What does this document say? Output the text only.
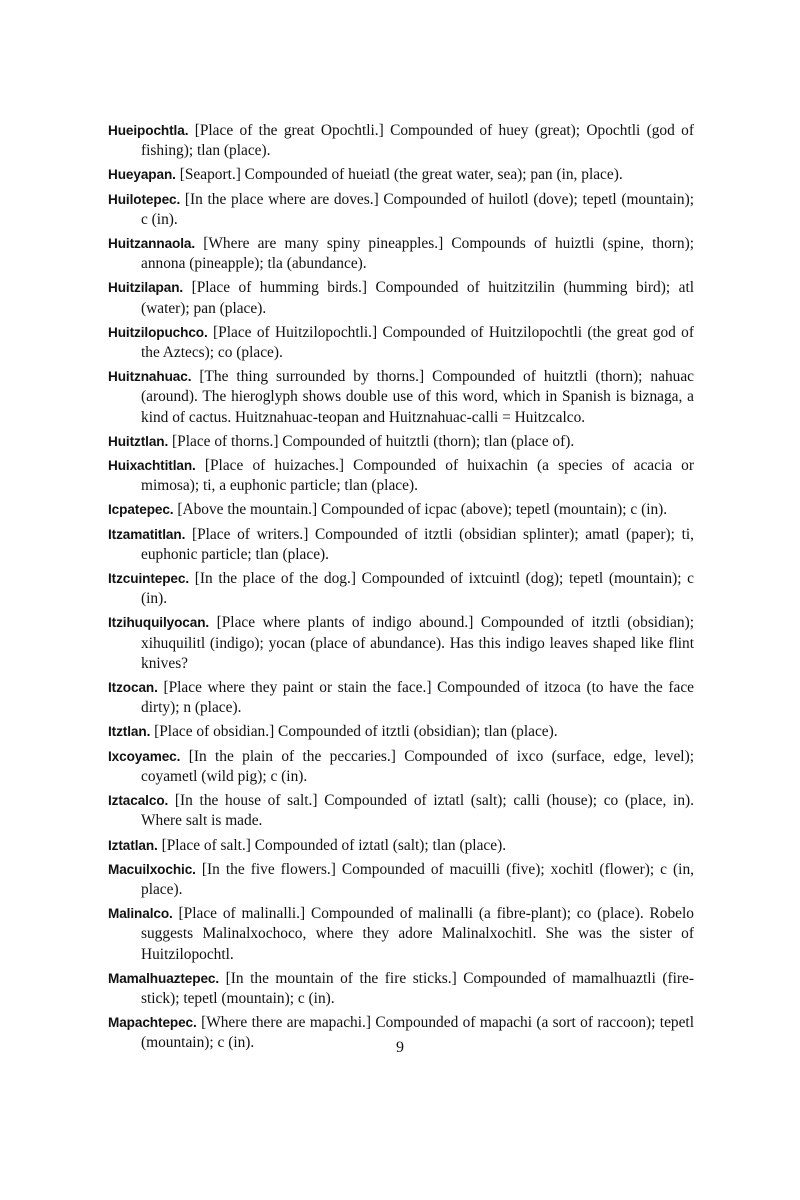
Hueipochtla. [Place of the great Opochtli.] Compounded of huey (great); Opochtli (god of fishing); tlan (place).

Hueyapan. [Seaport.] Compounded of hueiatl (the great water, sea); pan (in, place).

Huilotepec. [In the place where are doves.] Compounded of huilotl (dove); tepetl (mountain); c (in).

Huitzannaola. [Where are many spiny pineapples.] Compounds of huiztli (spine, thorn); annona (pineapple); tla (abundance).

Huitzilapan. [Place of humming birds.] Compounded of huitzitzilin (humming bird); atl (water); pan (place).

Huitzilopuchco. [Place of Huitzilopochtli.] Compounded of Huitzilopochtli (the great god of the Aztecs); co (place).

Huitznahuac. [The thing surrounded by thorns.] Compounded of huitztli (thorn); nahuac (around). The hieroglyph shows double use of this word, which in Spanish is biznaga, a kind of cactus. Huitznahuac-teopan and Huitznahuac-calli = Huitzcalco.

Huitztlan. [Place of thorns.] Compounded of huitztli (thorn); tlan (place of).

Huixachtitlan. [Place of huizaches.] Compounded of huixachin (a species of acacia or mimosa); ti, a euphonic particle; tlan (place).

Icpatepec. [Above the mountain.] Compounded of icpac (above); tepetl (mountain); c (in).

Itzamatitlan. [Place of writers.] Compounded of itztli (obsidian splinter); amatl (paper); ti, euphonic particle; tlan (place).

Itzcuintepec. [In the place of the dog.] Compounded of ixtcuintl (dog); tepetl (mountain); c (in).

Itzihuquilyocan. [Place where plants of indigo abound.] Compounded of itztli (obsidian); xihuquilitl (indigo); yocan (place of abundance). Has this indigo leaves shaped like flint knives?

Itzocan. [Place where they paint or stain the face.] Compounded of itzoca (to have the face dirty); n (place).

Itztlan. [Place of obsidian.] Compounded of itztli (obsidian); tlan (place).

Ixcoyamec. [In the plain of the peccaries.] Compounded of ixco (surface, edge, level); coyametl (wild pig); c (in).

Iztacalco. [In the house of salt.] Compounded of iztatl (salt); calli (house); co (place, in). Where salt is made.

Iztatlan. [Place of salt.] Compounded of iztatl (salt); tlan (place).

Macuilxochic. [In the five flowers.] Compounded of macuilli (five); xochitl (flower); c (in, place).

Malinalco. [Place of malinalli.] Compounded of malinalli (a fibre-plant); co (place). Robelo suggests Malinalxochoco, where they adore Malinalxochitl. She was the sister of Huitzilopochtl.

Mamalhuaztepec. [In the mountain of the fire sticks.] Compounded of mamalhuaztli (fire-stick); tepetl (mountain); c (in).

Mapachtepec. [Where there are mapachi.] Compounded of mapachi (a sort of raccoon); tepetl (mountain); c (in).	9
